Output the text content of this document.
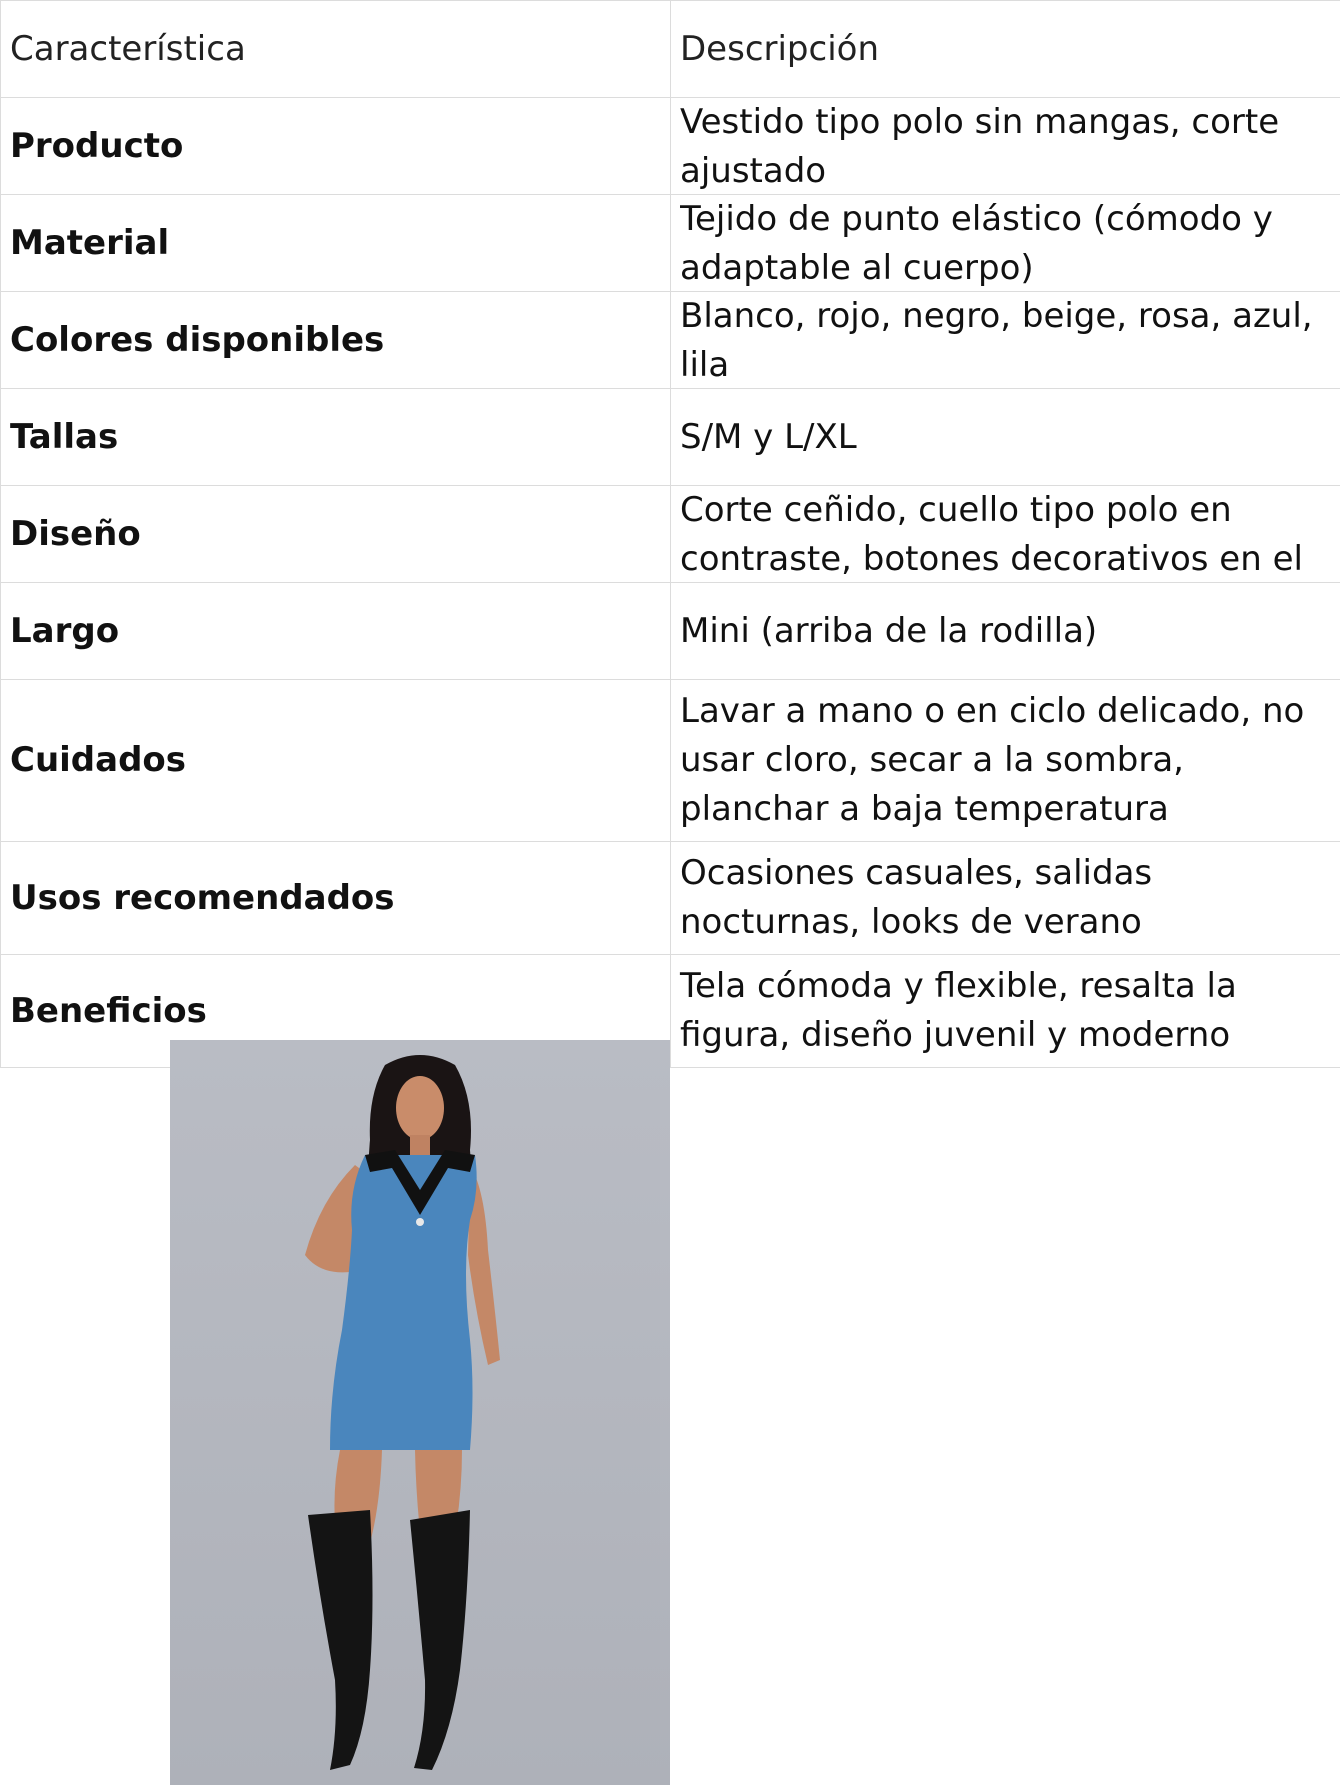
Característica	Descripción
Producto	Vestido tipo polo sin mangas, corte ajustado

Material	Tejido de punto elástico (cómodo y adaptable al cuerpo)

Colores disponibles	Blanco, rojo, negro, beige, rosa, azul, lila

Tallas	S/M y L/XL
Diseño	Corte ceñido, cuello tipo polo en contraste, botones decorativos en el

Largo	Mini (arriba de la rodilla)
Cuidados	Lavar a mano o en ciclo delicado, no usar cloro, secar a la sombra, planchar a baja temperatura
Usos recomendados	Ocasiones casuales, salidas nocturnas, looks de verano
Beneficios	Tela cómoda y flexible, resalta la figura, diseño juvenil y moderno
